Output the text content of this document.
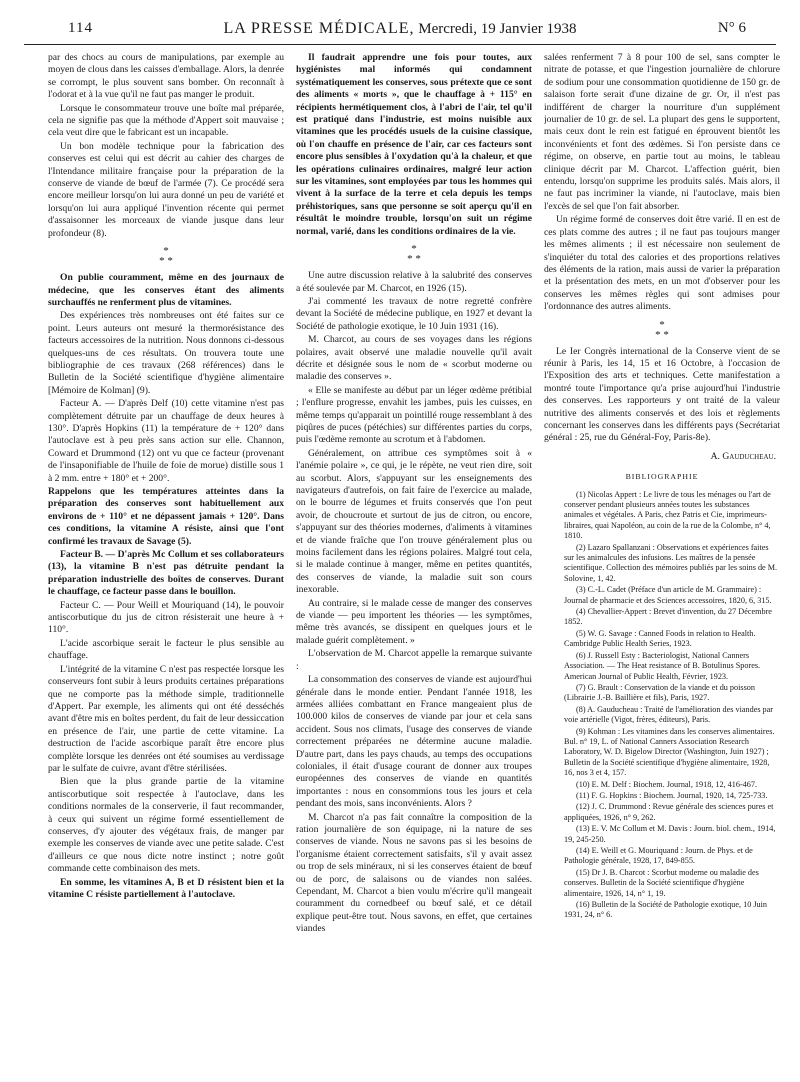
114	LA PRESSE MÉDICALE, Mercredi, 19 Janvier 1938	N° 6

par des chocs au cours de manipulations, par exemple au moyen de clous dans les caisses d'emballage. Alors, la denrée se corrompt, le plus souvent sans bomber. On reconnaît à l'odorat et à la vue qu'il ne faut pas manger le produit.

Lorsque le consommateur trouve une boîte mal préparée, cela ne signifie pas que la méthode d'Appert soit mauvaise ; cela veut dire que le fabricant est un incapable.

Un bon modèle technique pour la fabrication des conserves est celui qui est décrit au cahier des charges de l'Intendance militaire française pour la préparation de la conserve de viande de bœuf de l'armée (7). Ce procédé sera encore meilleur lorsqu'on lui aura donné un peu de variété et lorsqu'on lui aura appliqué l'invention récente qui permet d'assaisonner les morceaux de viande jusque dans leur profondeur (8).

*
* *

On publie couramment, même en des journaux de médecine, que les conserves étant des aliments surchauffés ne renferment plus de vitamines.

Des expériences très nombreuses ont été faites sur ce point. Leurs auteurs ont mesuré la thermorésistance des facteurs accessoires de la nutrition. Nous donnons ci-dessous quelques-uns de ces résultats. On trouvera toute une bibliographie de ces travaux (268 références) dans le Bulletin de la Société scientifique d'hygiène alimentaire [Mémoire de Kolman] (9).

Facteur A. — D'après Delf (10) cette vitamine n'est pas complètement détruite par un chauffage de deux heures à 130°. D'après Hopkins (11) la température de + 120° dans l'autoclave est à peu près sans action sur elle. Channon, Coward et Drummond (12) ont vu que ce facteur (provenant de l'insaponifiable de l'huile de foie de morue) distille sous 1 à 2 mm. entre + 180° et + 200°.

Rappelons que les températures atteintes dans la préparation des conserves sont habituellement aux environs de + 110° et ne dépassent jamais + 120°. Dans ces conditions, la vitamine A résiste, ainsi que l'ont confirmé les travaux de Savage (5).

Facteur B. — D'après Mc Collum et ses collaborateurs (13), la vitamine B n'est pas détruite pendant la préparation industrielle des boîtes de conserves. Durant le chauffage, ce facteur passe dans le bouillon.

Facteur C. — Pour Weill et Mouriquand (14), le pouvoir antiscorbutique du jus de citron résisterait une heure à + 110°.

L'acide ascorbique serait le facteur le plus sensible au chauffage.

L'intégrité de la vitamine C n'est pas respectée lorsque les conserveurs font subir à leurs produits certaines préparations que ne comporte pas la méthode simple, traditionnelle d'Appert. Par exemple, les aliments qui ont été desséchés avant d'être mis en boîtes perdent, du fait de leur dessiccation en présence de l'air, une partie de cette vitamine. La destruction de l'acide ascorbique paraît être encore plus complète lorsque les denrées ont été soumises au verdissage par le sulfate de cuivre, avant d'être stérilisées.

Bien que la plus grande partie de la vitamine antiscorbutique soit respectée à l'autoclave, dans les conditions normales de la conserverie, il faut recommander, à ceux qui suivent un régime formé essentiellement de conserves, d'y ajouter des végétaux frais, de manger par exemple les conserves de viande avec une petite salade. C'est d'ailleurs ce que nous dicte notre instinct ; notre goût commande cette combinaison des mets.

En somme, les vitamines A, B et D résistent bien et la vitamine C résiste partiellement à l'autoclave.

Il faudrait apprendre une fois pour toutes, aux hygiénistes mal informés qui condamnent systématiquement les conserves, sous prétexte que ce sont des aliments « morts », que le chauffage à + 115° en récipients hermétiquement clos, à l'abri de l'air, tel qu'il est pratiqué dans l'industrie, est moins nuisible aux vitamines que les procédés usuels de la cuisine classique, où l'on chauffe en présence de l'air, car ces facteurs sont encore plus sensibles à l'oxydation qu'à la chaleur, et que les opérations culinaires ordinaires, malgré leur action sur les vitamines, sont employées par tous les hommes qui vivent à la surface de la terre et cela depuis les temps préhistoriques, sans que personne se soit aperçu qu'il en résultât le moindre trouble, lorsqu'on suit un régime normal, varié, dans les conditions ordinaires de la vie.

*
* *

Une autre discussion relative à la salubrité des conserves a été soulevée par M. Charcot, en 1926 (15).

J'ai commenté les travaux de notre regretté confrère devant la Société de médecine publique, en 1927 et devant la Société de pathologie exotique, le 10 Juin 1931 (16).

M. Charcot, au cours de ses voyages dans les régions polaires, avait observé une maladie nouvelle qu'il avait décrite et désignée sous le nom de « scorbut moderne ou maladie des conserves ».

« Elle se manifeste au début par un léger œdème prétibial ; l'enflure progresse, envahit les jambes, puis les cuisses, en même temps qu'apparait un pointillé rouge ressemblant à des piqûres de puces (pétéchies) sur différentes parties du corps, puis l'œdème remonte au scrotum et à l'abdomen.

Généralement, on attribue ces symptômes soit à « l'anémie polaire », ce qui, je le répète, ne veut rien dire, soit au scorbut. Alors, s'appuyant sur les enseignements des navigateurs d'autrefois, on fait faire de l'exercice au malade, on le bourre de légumes et fruits conservés que l'on peut avoir, de choucroute et surtout de jus de citron, ou encore, s'appuyant sur des théories modernes, d'aliments à vitamines et de viande fraîche que l'on trouve généralement plus ou moins facilement dans les régions polaires. Malgré tout cela, si le malade continue à manger, même en petites quantités, des conserves de viande, la maladie suit son cours inexorable.

Au contraire, si le malade cesse de manger des conserves de viande — peu importent les théories — les symptômes, même très avancés, se dissipent en quelques jours et le malade guérit complètement. »

L'observation de M. Charcot appelle la remarque suivante :

La consommation des conserves de viande est aujourd'hui générale dans le monde entier. Pendant l'année 1918, les armées alliées combattant en France mangeaient plus de 100.000 kilos de conserves de viande par jour et cela sans accident. Sous nos climats, l'usage des conserves de viande correctement préparées ne détermine aucune maladie. D'autre part, dans les pays chauds, au temps des occupations coloniales, il était d'usage courant de donner aux troupes européennes des conserves de viande en quantités importantes : nous en consommions tous les jours et cela pendant des mois, sans inconvénients. Alors ?

M. Charcot n'a pas fait connaître la composition de la ration journalière de son équipage, ni la nature de ses conserves de viande. Nous ne savons pas si les besoins de l'organisme étaient correctement satisfaits, s'il y avait assez ou trop de sels minéraux, ni si les conserves étaient de bœuf ou de porc, de salaisons ou de viandes non salées. Cependant, M. Charcot a bien voulu m'écrire qu'il mangeait couramment du cornedbeef ou bœuf salé, et ce détail explique peut-être tout. Nous savons, en effet, que certaines viandes

salées renferment 7 à 8 pour 100 de sel, sans compter le nitrate de potasse, et que l'ingestion journalière de chlorure de sodium pour une consommation quotidienne de 150 gr. de salaison forte serait d'une dizaine de gr. Or, il n'est pas indifférent de charger la nourriture d'un supplément journalier de 10 gr. de sel. La plupart des gens le supportent, mais ceux dont le rein est fatigué en éprouvent bientôt les inconvénients et font des œdèmes. Si l'on persiste dans ce régime, on observe, en partie tout au moins, le tableau clinique décrit par M. Charcot. L'affection guérit, bien entendu, lorsqu'on supprime les produits salés. Mais alors, il ne faut pas incriminer la viande, ni l'autoclave, mais bien l'excès de sel que l'on fait absorber.

Un régime formé de conserves doit être varié. Il en est de ces plats comme des autres ; il ne faut pas toujours manger les mêmes aliments ; il est nécessaire non seulement de s'inquiéter du total des calories et des proportions relatives des éléments de la ration, mais aussi de varier la préparation et la présentation des mets, en un mot d'observer pour les conserves les mêmes règles qui sont admises pour l'ordonnance des autres aliments.

*
* *

Le Ier Congrès international de la Conserve vient de se réunir à Paris, les 14, 15 et 16 Octobre, à l'occasion de l'Exposition des arts et techniques. Cette manifestation a montré toute l'importance qu'a prise aujourd'hui l'industrie des conserves. Les rapporteurs y ont traité de la valeur nutritive des aliments conservés et des lois et règlements concernant les conserves dans les différents pays (Secrétariat général : 25, rue du Général-Foy, Paris-8e).

A. Gauducheau.
BIBLIOGRAPHIE

(1) Nicolas Appert : Le livre de tous les ménages ou l'art de conserver pendant plusieurs années toutes les substances animales et végétales. A Paris, chez Patris et Cie, imprimeurs-libraires, quai Napoléon, au coin de la rue de la Colombe, n° 4, 1810.

(2) Lazaro Spallanzani : Observations et expériences faites sur les animalcules des infusions. Les maîtres de la pensée scientifique. Collection des mémoires publiés par les soins de M. Solovine, 1, 42.

(3) C.-L. Cadet (Préface d'un article de M. Grammaire) : Journal de pharmacie et des Sciences accessoires, 1820, 6, 315.

(4) Chevallier-Appert : Brevet d'invention, du 27 Décembre 1852.

(5) W. G. Savage : Canned Foods in relation to Health. Cambridge Public Health Series, 1923.

(6) J. Russell Esty : Bacteriologist, National Canners Association. — The Heat resistance of B. Botulinus Spores. American Journal of Public Health, Février, 1923.

(7) G. Brault : Conservation de la viande et du poisson (Librairie J.-B. Baillière et fils), Paris, 1927.

(8) A. Gauducheau : Traité de l'amélioration des viandes par voie artérielle (Vigot, frères, éditeurs), Paris.

(9) Kohman : Les vitamines dans les conserves alimentaires. Bul. n° 19, L. of National Canners Association Research Laboratory, W. D. Bigelow Director (Washington, Juin 1927) ; Bulletin de la Société scientifique d'hygiène alimentaire, 1928, 16, nos 3 et 4, 157.

(10) E. M. Delf : Biochem. Journal, 1918, 12, 416-467.

(11) F. G. Hopkins : Biochem. Journal, 1920, 14, 725-733.

(12) J. C. Drummond : Revue générale des sciences pures et appliquées, 1926, n° 9, 262.

(13) E. V. Mc Collum et M. Davis : Journ. biol. chem., 1914, 19, 245-250.

(14) E. Weill et G. Mouriquand : Journ. de Phys. et de Pathologie générale, 1928, 17, 849-855.

(15) Dr J. B. Charcot : Scorbut moderne ou maladie des conserves. Bulletin de la Société scientifique d'hygiène alimentaire, 1926, 14, n° 1, 19.

(16) Bulletin de la Société de Pathologie exotique, 10 Juin 1931, 24, n° 6.
